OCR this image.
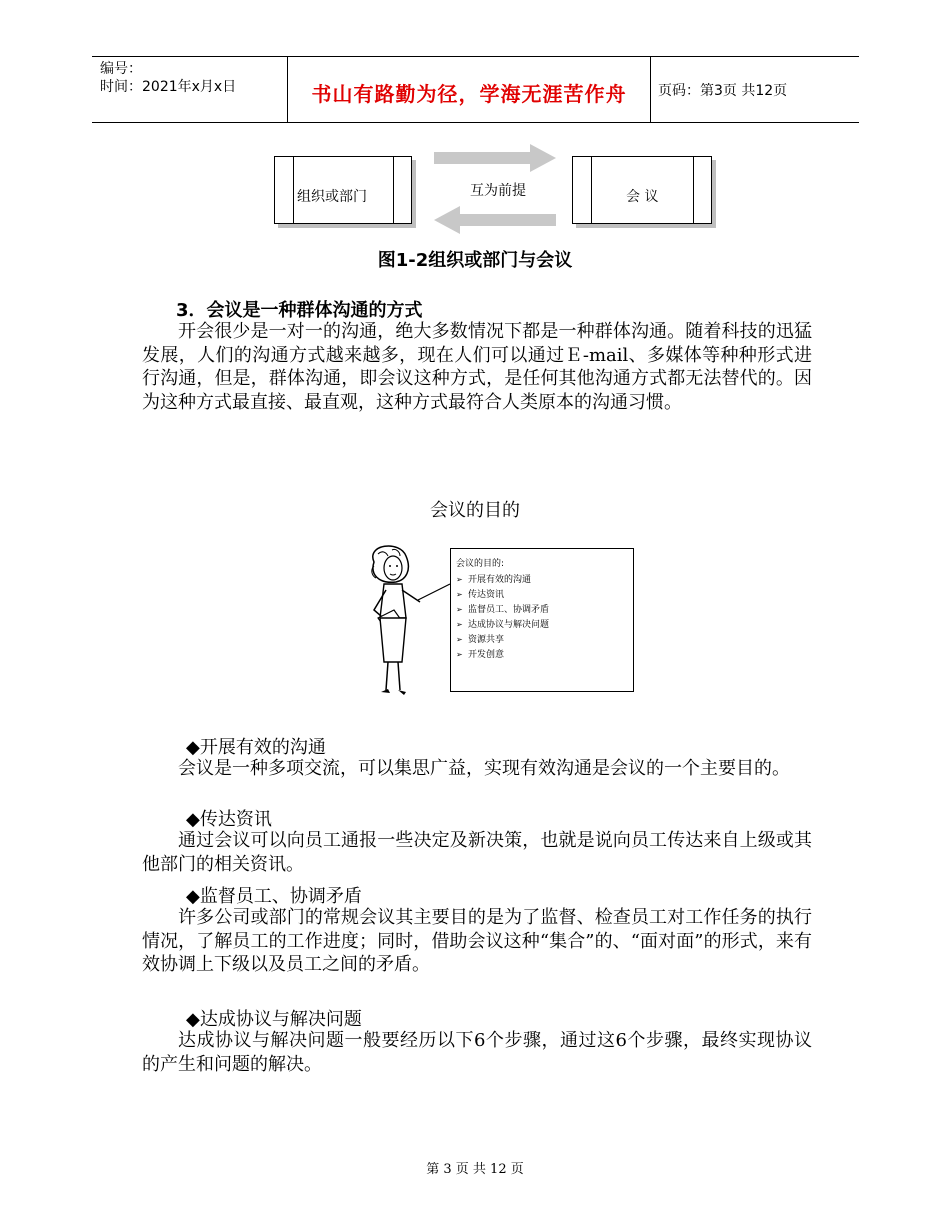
编号：
时间：2021年x月x日	书山有路勤为径，学海无涯苦作舟	页码：第3页 共12页
组织或部门	会 议
互为前提
图1-2组织或部门与会议
3．会议是一种群体沟通的方式

开会很少是一对一的沟通，绝大多数情况下都是一种群体沟通。随着科技的迅猛发展，人们的沟通方式越来越多，现在人们可以通过Ｅ-mail、多媒体等种种形式进行沟通，但是，群体沟通，即会议这种方式，是任何其他沟通方式都无法替代的。因为这种方式最直接、最直观，这种方式最符合人类原本的沟通习惯。

会议的目的
会议的目的:
➢ 开展有效的沟通
➢ 传达资讯
➢ 监督员工、协调矛盾
➢ 达成协议与解决问题
➢ 资源共享
➢ 开发创意
◆开展有效的沟通

会议是一种多项交流，可以集思广益，实现有效沟通是会议的一个主要目的。

◆传达资讯

通过会议可以向员工通报一些决定及新决策，也就是说向员工传达来自上级或其他部门的相关资讯。

◆监督员工、协调矛盾

许多公司或部门的常规会议其主要目的是为了监督、检查员工对工作任务的执行情况，了解员工的工作进度；同时，借助会议这种“集合”的、“面对面”的形式，来有效协调上下级以及员工之间的矛盾。

◆达成协议与解决问题

达成协议与解决问题一般要经历以下6个步骤，通过这6个步骤，最终实现协议的产生和问题的解决。

第 3 页 共 12 页
